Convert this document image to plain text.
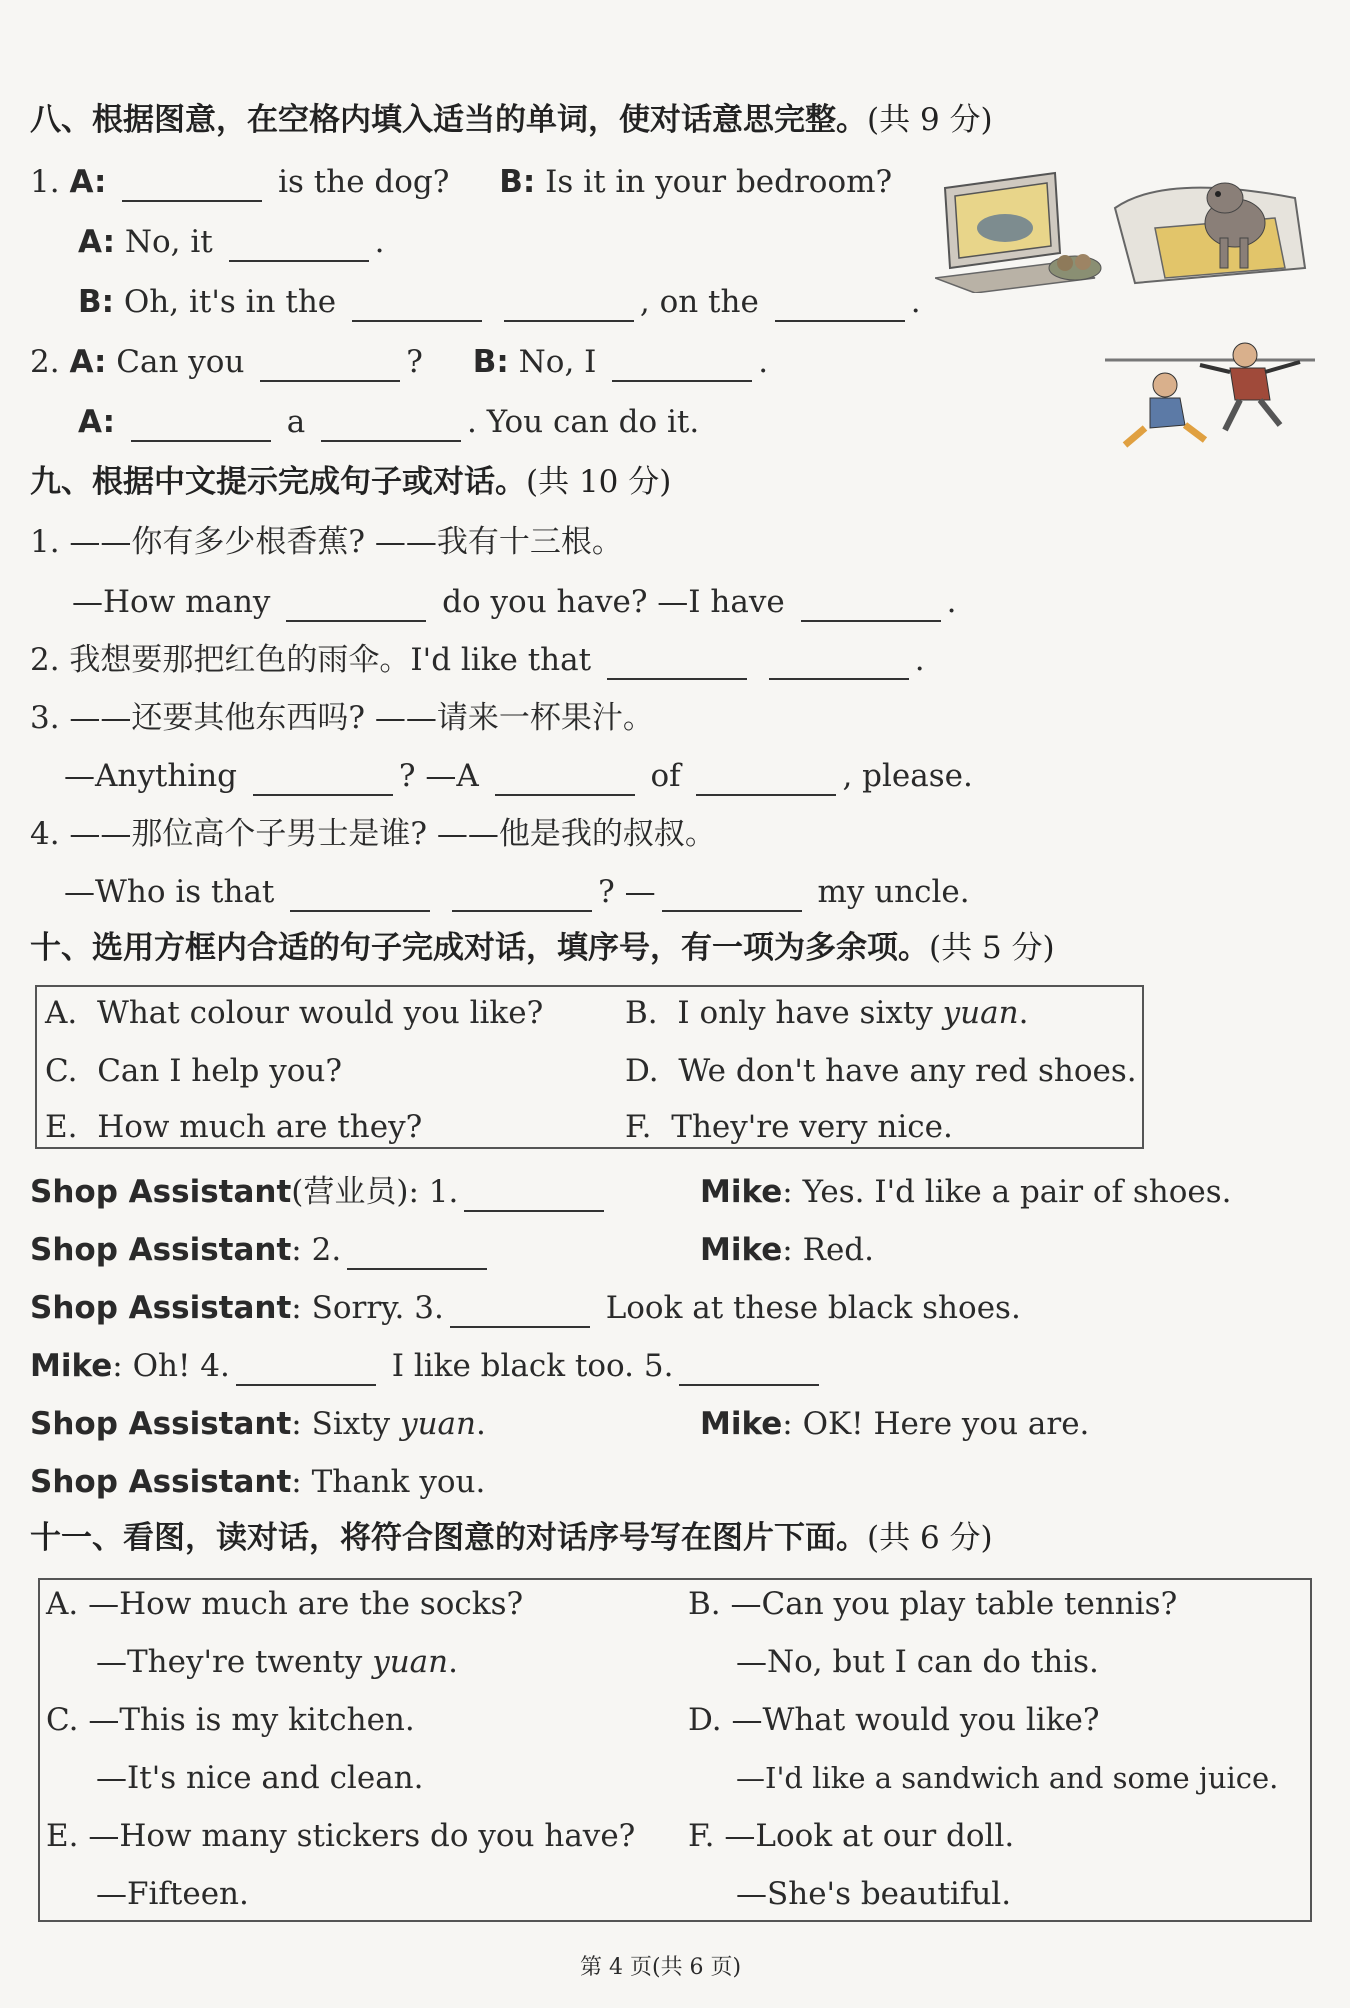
八、根据图意，在空格内填入适当的单词，使对话意思完整。(共 9 分)
1. A:	is the dog? B: Is it in your bedroom?
A: No, it	.
B: Oh, it's in the	, on the	.
2. A: Can you	? B: No, I	.
A:	a	. You can do it.
九、根据中文提示完成句子或对话。(共 10 分)
1. ——你有多少根香蕉? ——我有十三根。
—How many	do you have? —I have	.
2. 我想要那把红色的雨伞。I'd like that	.
3. ——还要其他东西吗? ——请来一杯果汁。
—Anything	? —A	of	, please.
4. ——那位高个子男士是谁? ——他是我的叔叔。
—Who is that	? —	my uncle.
十、选用方框内合适的句子完成对话，填序号，有一项为多余项。(共 5 分)
A. What colour would you like?	B. I only have sixty yuan.
C. Can I help you?	D. We don't have any red shoes.
E. How much are they?	F. They're very nice.
Shop Assistant(营业员): 1.	Mike: Yes. I'd like a pair of shoes.
Shop Assistant: 2.	Mike: Red.
Shop Assistant: Sorry. 3.	Look at these black shoes.
Mike: Oh! 4.	I like black too. 5.
Shop Assistant: Sixty yuan.	Mike: OK! Here you are.
Shop Assistant: Thank you.
十一、看图，读对话，将符合图意的对话序号写在图片下面。(共 6 分)
A. —How much are the socks?
—They're twenty yuan.
B. —Can you play table tennis?
—No, but I can do this.
C. —This is my kitchen.
—It's nice and clean.
D. —What would you like?
—I'd like a sandwich and some juice.
E. —How many stickers do you have?
—Fifteen.
F. —Look at our doll.
—She's beautiful.
第 4 页(共 6 页)
